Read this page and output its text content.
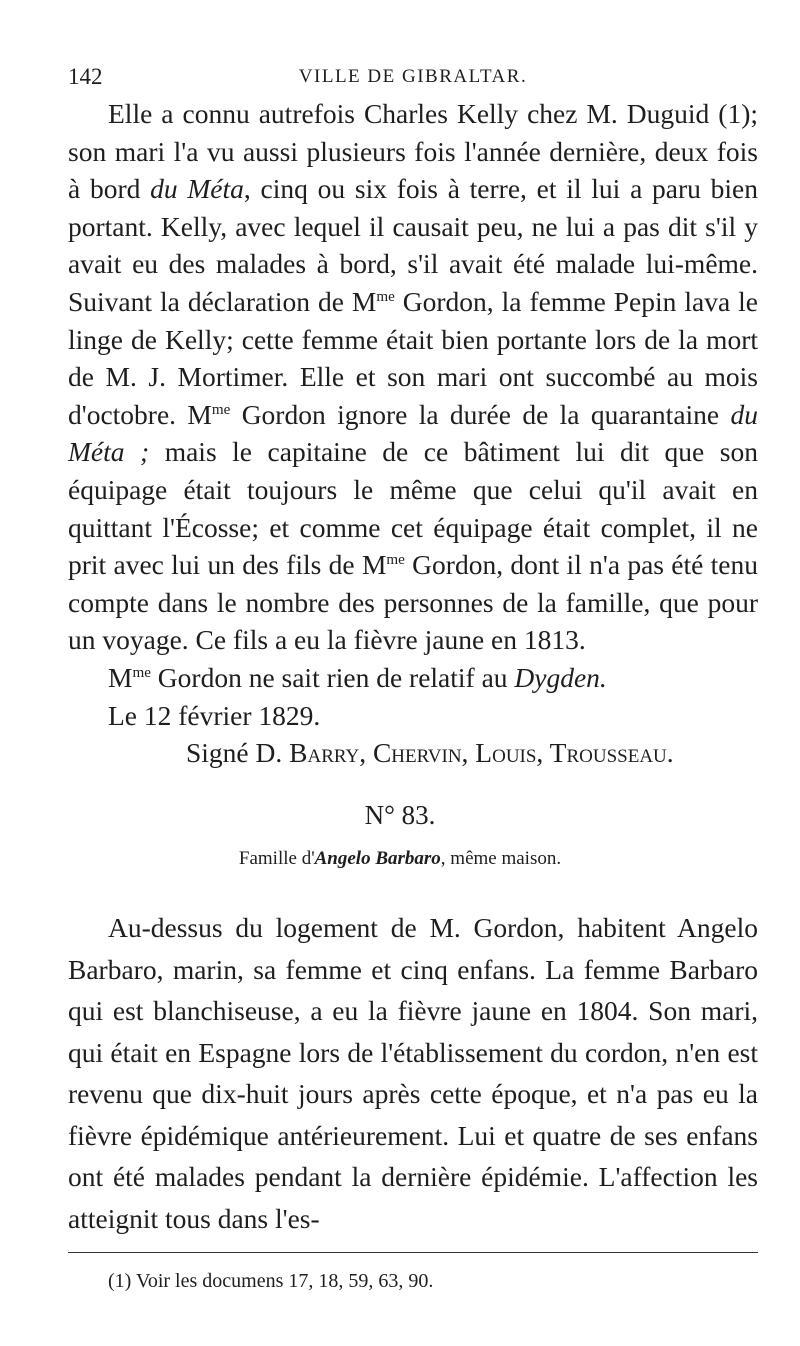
142	VILLE DE GIBRALTAR.

Elle a connu autrefois Charles Kelly chez M. Duguid (1); son mari l'a vu aussi plusieurs fois l'année dernière, deux fois à bord du Méta, cinq ou six fois à terre, et il lui a paru bien portant. Kelly, avec lequel il causait peu, ne lui a pas dit s'il y avait eu des malades à bord, s'il avait été malade lui-même. Suivant la déclaration de $M^{me}$ Gordon, la femme Pepin lava le linge de Kelly; cette femme était bien portante lors de la mort de M. J. Mortimer. Elle et son mari ont succombé au mois d'octobre. $M^{me}$ Gordon ignore la durée de la quarantaine du Méta ; mais le capitaine de ce bâtiment lui dit que son équipage était toujours le même que celui qu'il avait en quittant l'Écosse; et comme cet équipage était complet, il ne prit avec lui un des fils de $M^{me}$ Gordon, dont il n'a pas été tenu compte dans le nombre des personnes de la famille, que pour un voyage. Ce fils a eu la fièvre jaune en 1813.

$M^{me}$ Gordon ne sait rien de relatif au Dygden.

Le 12 février 1829.

Signé D. Barry, Chervin, Louis, Trousseau.

N° 83.
Famille d'Angelo Barbaro, même maison.

Au-dessus du logement de M. Gordon, habitent Angelo Barbaro, marin, sa femme et cinq enfans. La femme Barbaro qui est blanchiseuse, a eu la fièvre jaune en 1804. Son mari, qui était en Espagne lors de l'établissement du cordon, n'en est revenu que dix-huit jours après cette époque, et n'a pas eu la fièvre épidémique antérieurement. Lui et quatre de ses enfans ont été malades pendant la dernière épidémie. L'affection les atteignit tous dans l'es-

(1) Voir les documens 17, 18, 59, 63, 90.
